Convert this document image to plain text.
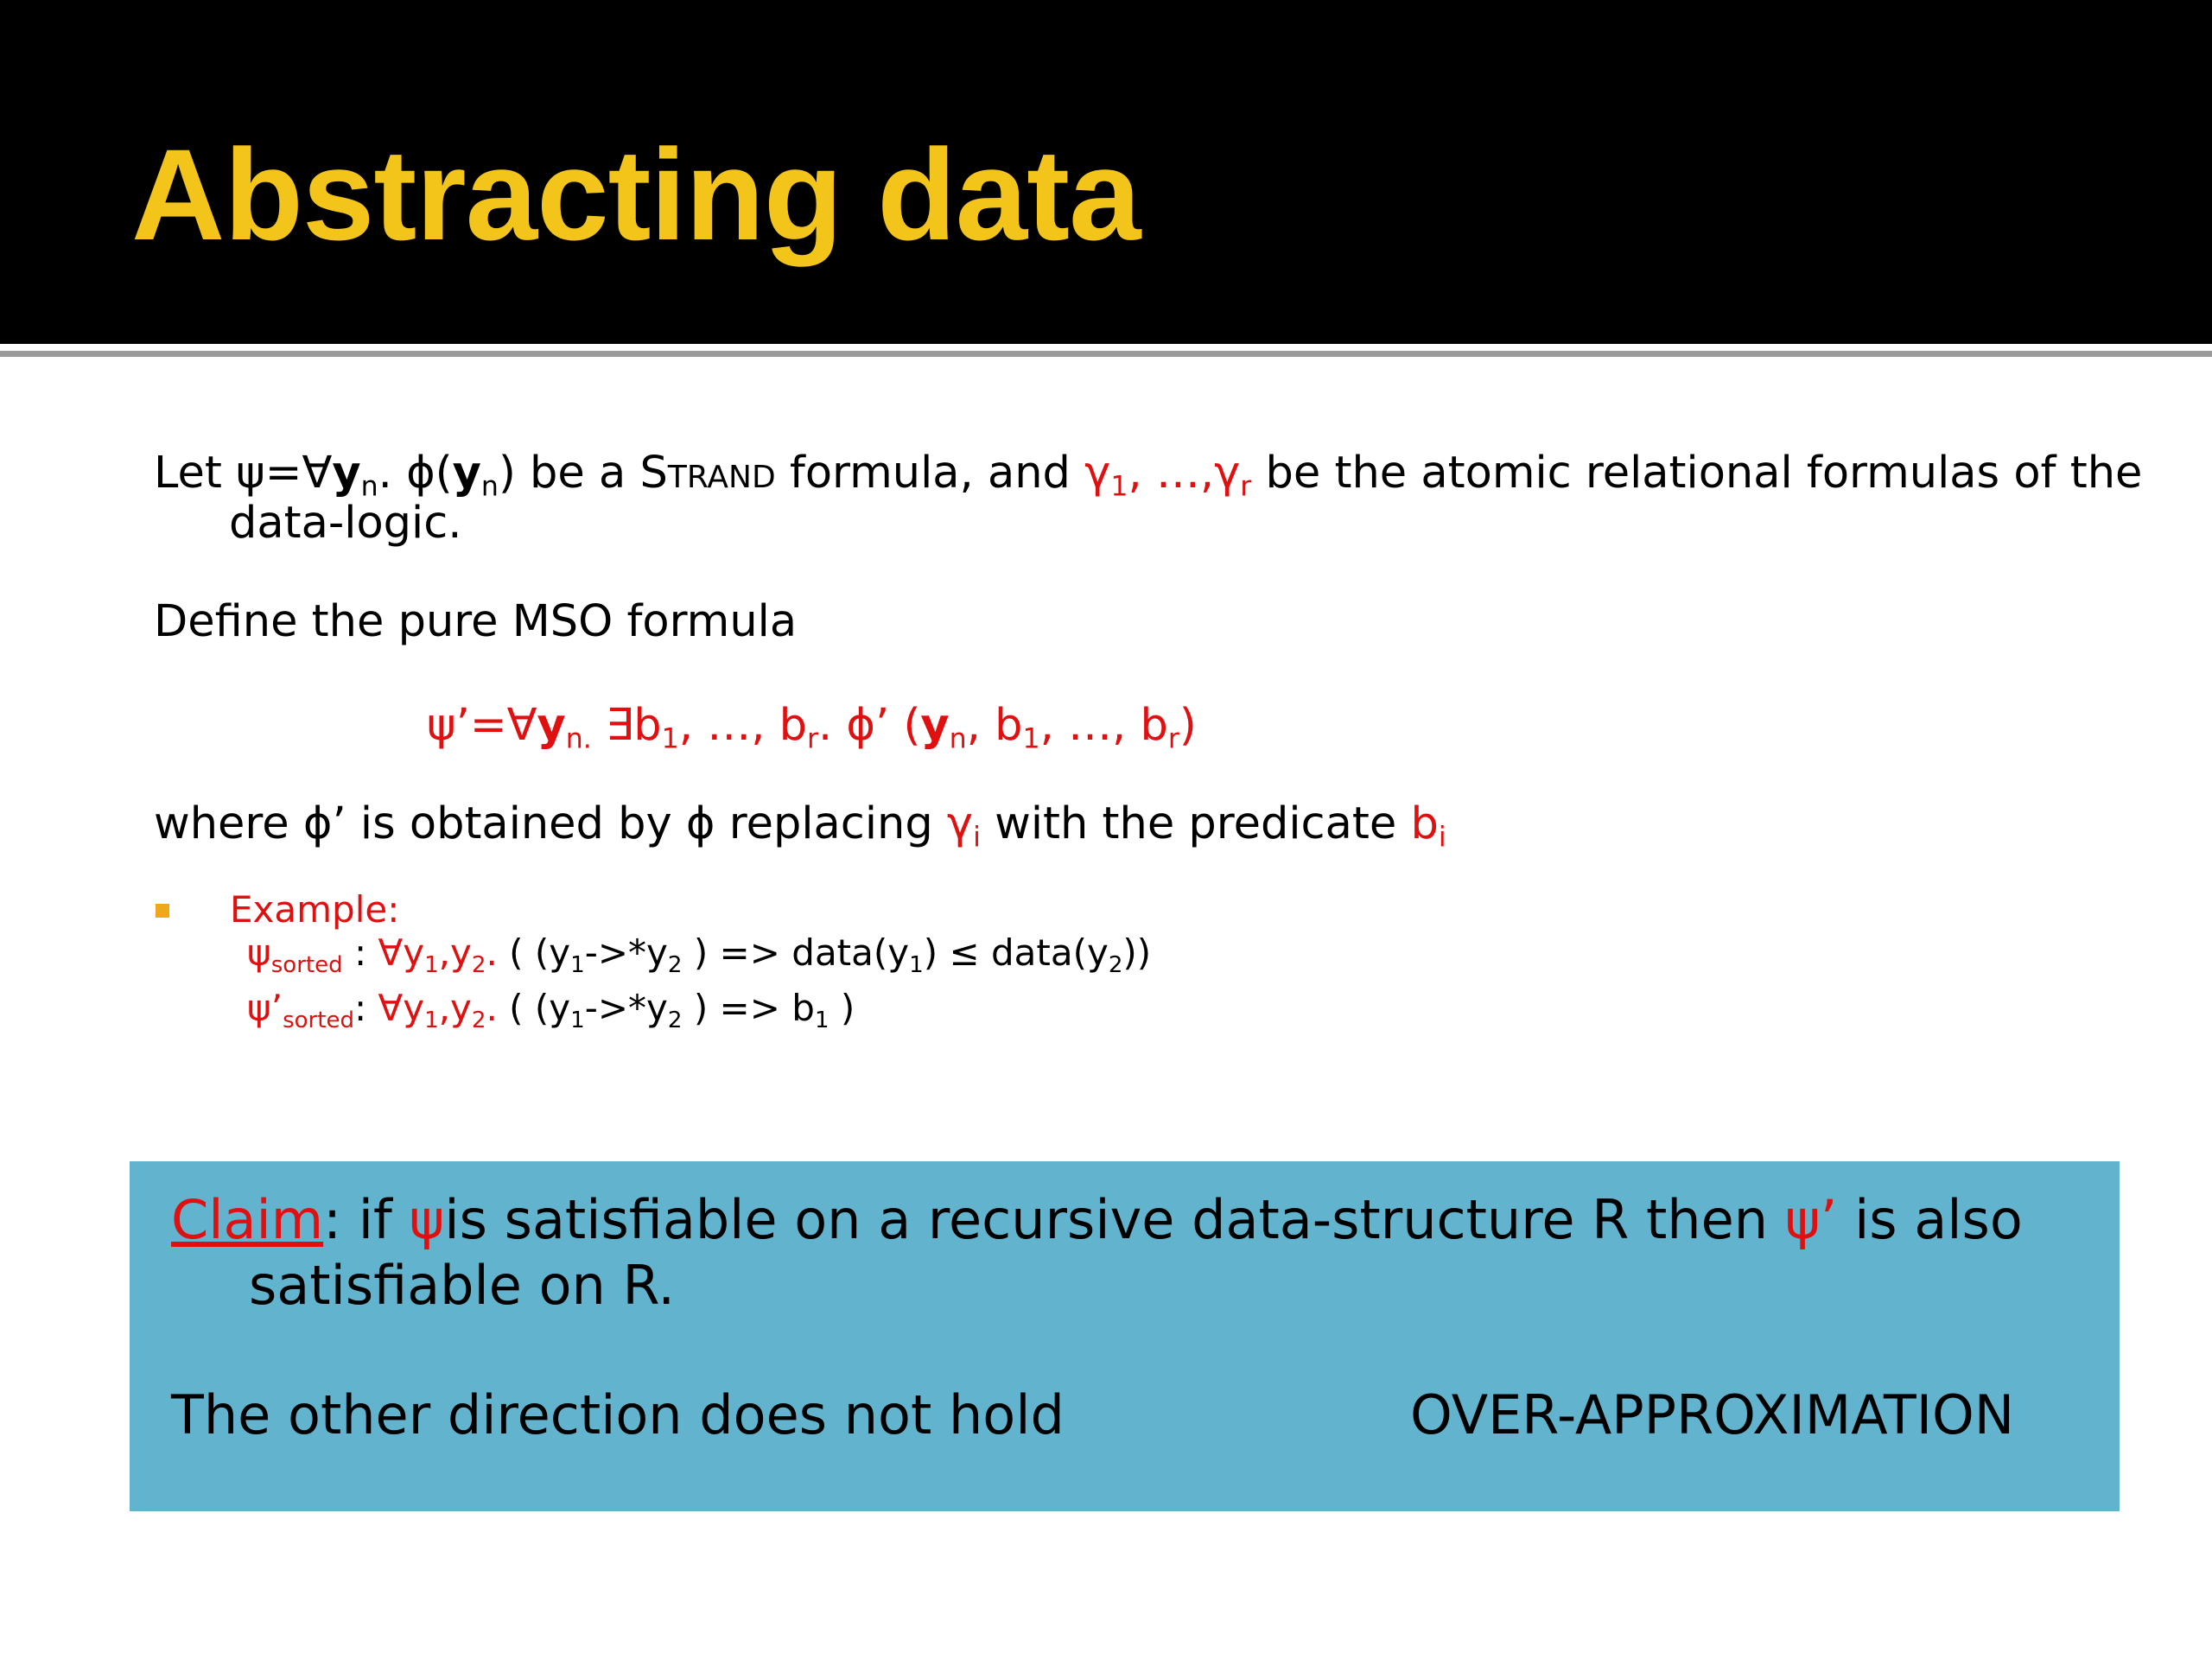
Abstracting data
Let $\psi=\forall y_n$. $\phi(y_n)$ be a STRAND formula, and $\gamma_1$, $\dots,\gamma_r$ be the atomic relational formulas of the
data-logic.
Define the pure MSO formula
$\psi’=\forall y_{n.}$ $\exists b_1$, …, $b_r$. ϕ’ ($y_n$, $b_1$, …, $b_r$)
where ϕ’ is obtained by ϕ replacing $\gamma_i$ with the predicate $b_i$
Example:
$\psi_{sorted}$ : $\forall y_1,y_2$. ( ($y_1->*y_2$ ) => $data(y_1)$ ≤ $data(y_2)$)
$\psi’_{sorted}$: $\forall y_1,y_2$. ( ($y_1->*y_2$ ) => $b_1$ )
Claim: if ψis satisfiable on a recursive data-structure R then ψ’ is also
satisfiable on R.
The other direction does not hold	OVER-APPROXIMATION
